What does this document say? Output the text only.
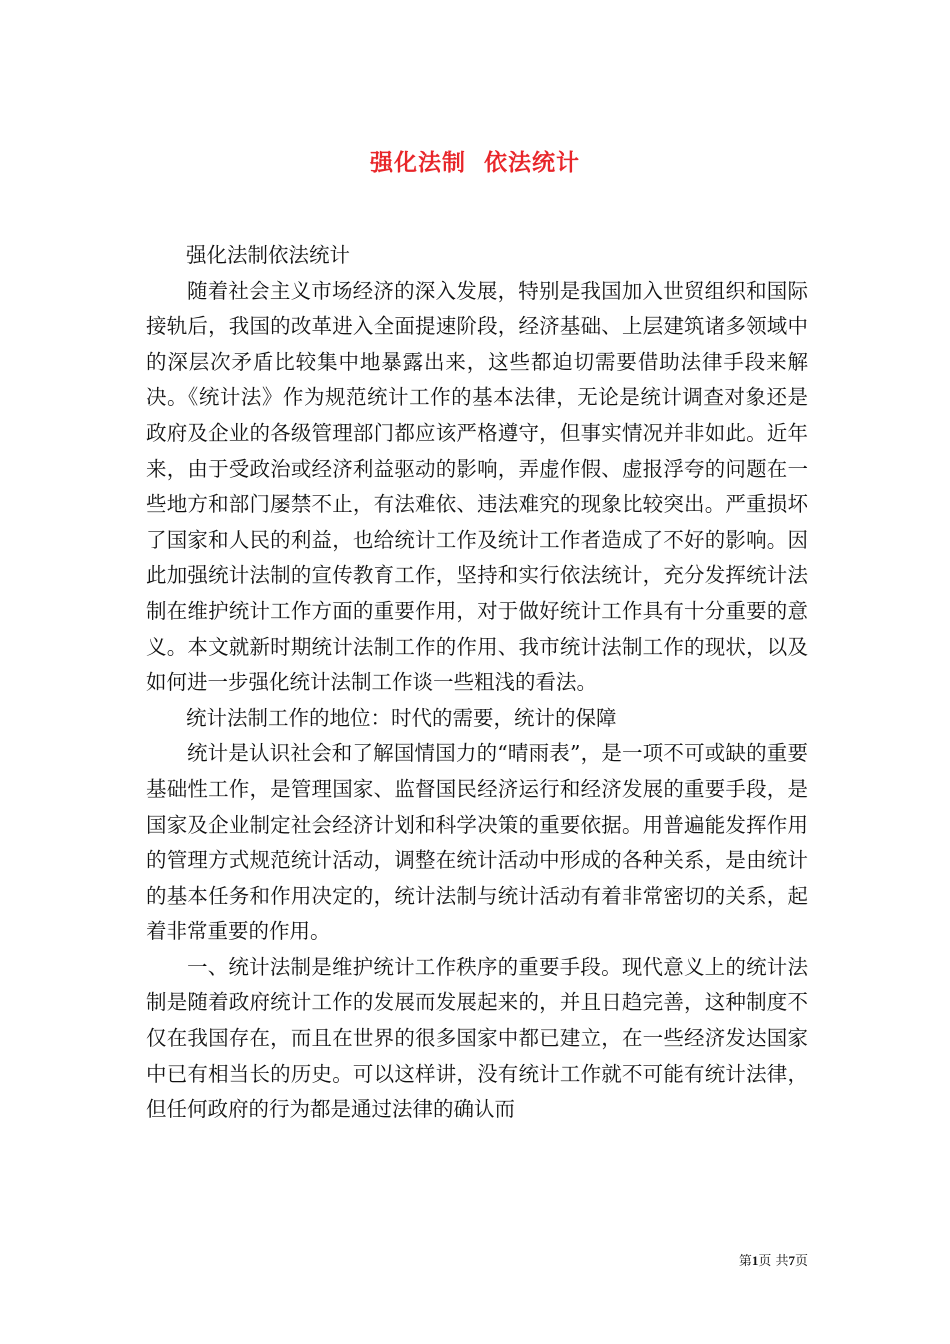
强化法制  依法统计

强化法制依法统计

随着社会主义市场经济的深入发展，特别是我国加入世贸组织和国际接轨后，我国的改革进入全面提速阶段，经济基础、上层建筑诸多领域中的深层次矛盾比较集中地暴露出来，这些都迫切需要借助法律手段来解决。《统计法》作为规范统计工作的基本法律，无论是统计调查对象还是政府及企业的各级管理部门都应该严格遵守，但事实情况并非如此。近年来，由于受政治或经济利益驱动的影响，弄虚作假、虚报浮夸的问题在一些地方和部门屡禁不止，有法难依、违法难究的现象比较突出。严重损坏了国家和人民的利益，也给统计工作及统计工作者造成了不好的影响。因此加强统计法制的宣传教育工作，坚持和实行依法统计，充分发挥统计法制在维护统计工作方面的重要作用，对于做好统计工作具有十分重要的意义。本文就新时期统计法制工作的作用、我市统计法制工作的现状，以及如何进一步强化统计法制工作谈一些粗浅的看法。

统计法制工作的地位：时代的需要，统计的保障

统计是认识社会和了解国情国力的“晴雨表”，是一项不可或缺的重要基础性工作，是管理国家、监督国民经济运行和经济发展的重要手段，是国家及企业制定社会经济计划和科学决策的重要依据。用普遍能发挥作用的管理方式规范统计活动，调整在统计活动中形成的各种关系，是由统计的基本任务和作用决定的，统计法制与统计活动有着非常密切的关系，起着非常重要的作用。

一、统计法制是维护统计工作秩序的重要手段。现代意义上的统计法制是随着政府统计工作的发展而发展起来的，并且日趋完善，这种制度不仅在我国存在，而且在世界的很多国家中都已建立，在一些经济发达国家中已有相当长的历史。可以这样讲，没有统计工作就不可能有统计法律，但任何政府的行为都是通过法律的确认而

第1页 共7页
